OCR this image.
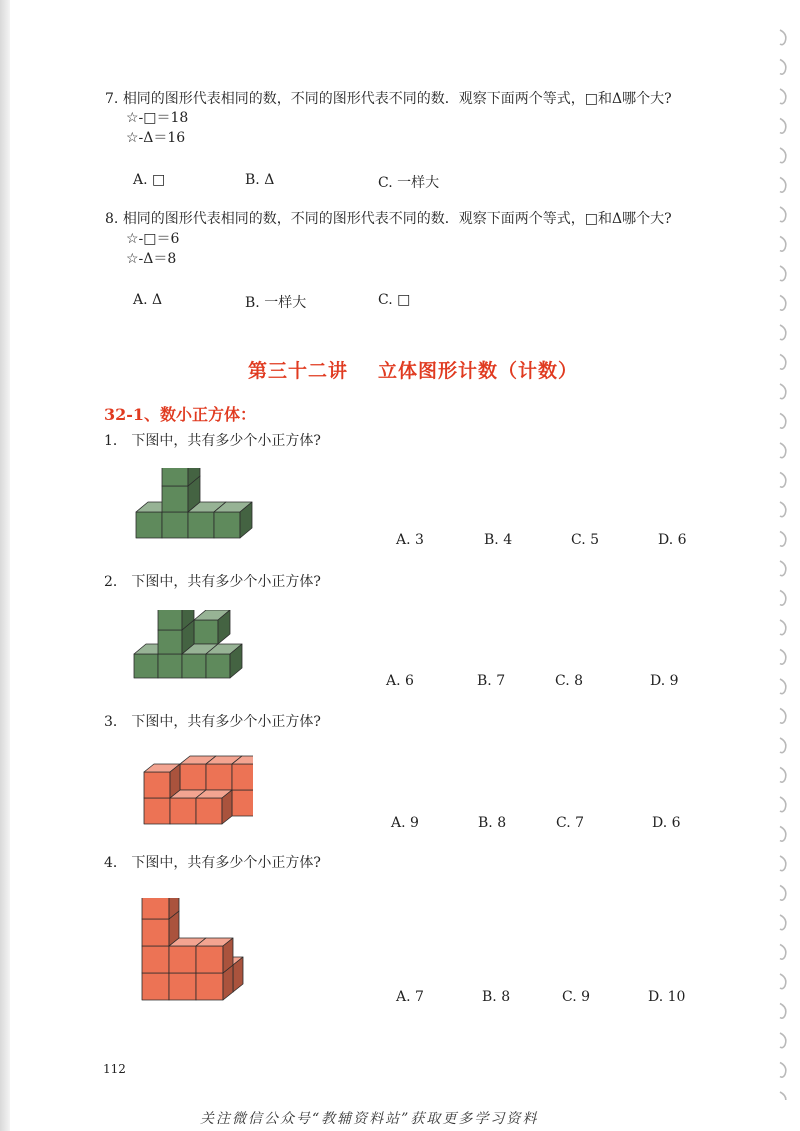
7. 相同的图形代表相同的数，不同的图形代表不同的数．观察下面两个等式，□和Δ哪个大?
☆-□＝18
☆-Δ＝16
A. □	B. Δ	C. 一样大
8. 相同的图形代表相同的数，不同的图形代表不同的数．观察下面两个等式，□和Δ哪个大?
☆-□＝6
☆-Δ＝8
A. Δ	B. 一样大	C. □
第三十二讲 立体图形计数（计数）
32-1、数小正方体：
1． 下图中，共有多少个小正方体?
A. 3	B. 4	C. 5	D. 6
2． 下图中，共有多少个小正方体?
A. 6	B. 7	C. 8	D. 9
3． 下图中，共有多少个小正方体?
A. 9	B. 8	C. 7	D. 6
4． 下图中，共有多少个小正方体?
A. 7	B. 8	C. 9	D. 10
112
关注微信公众号“教辅资料站”获取更多学习资料
